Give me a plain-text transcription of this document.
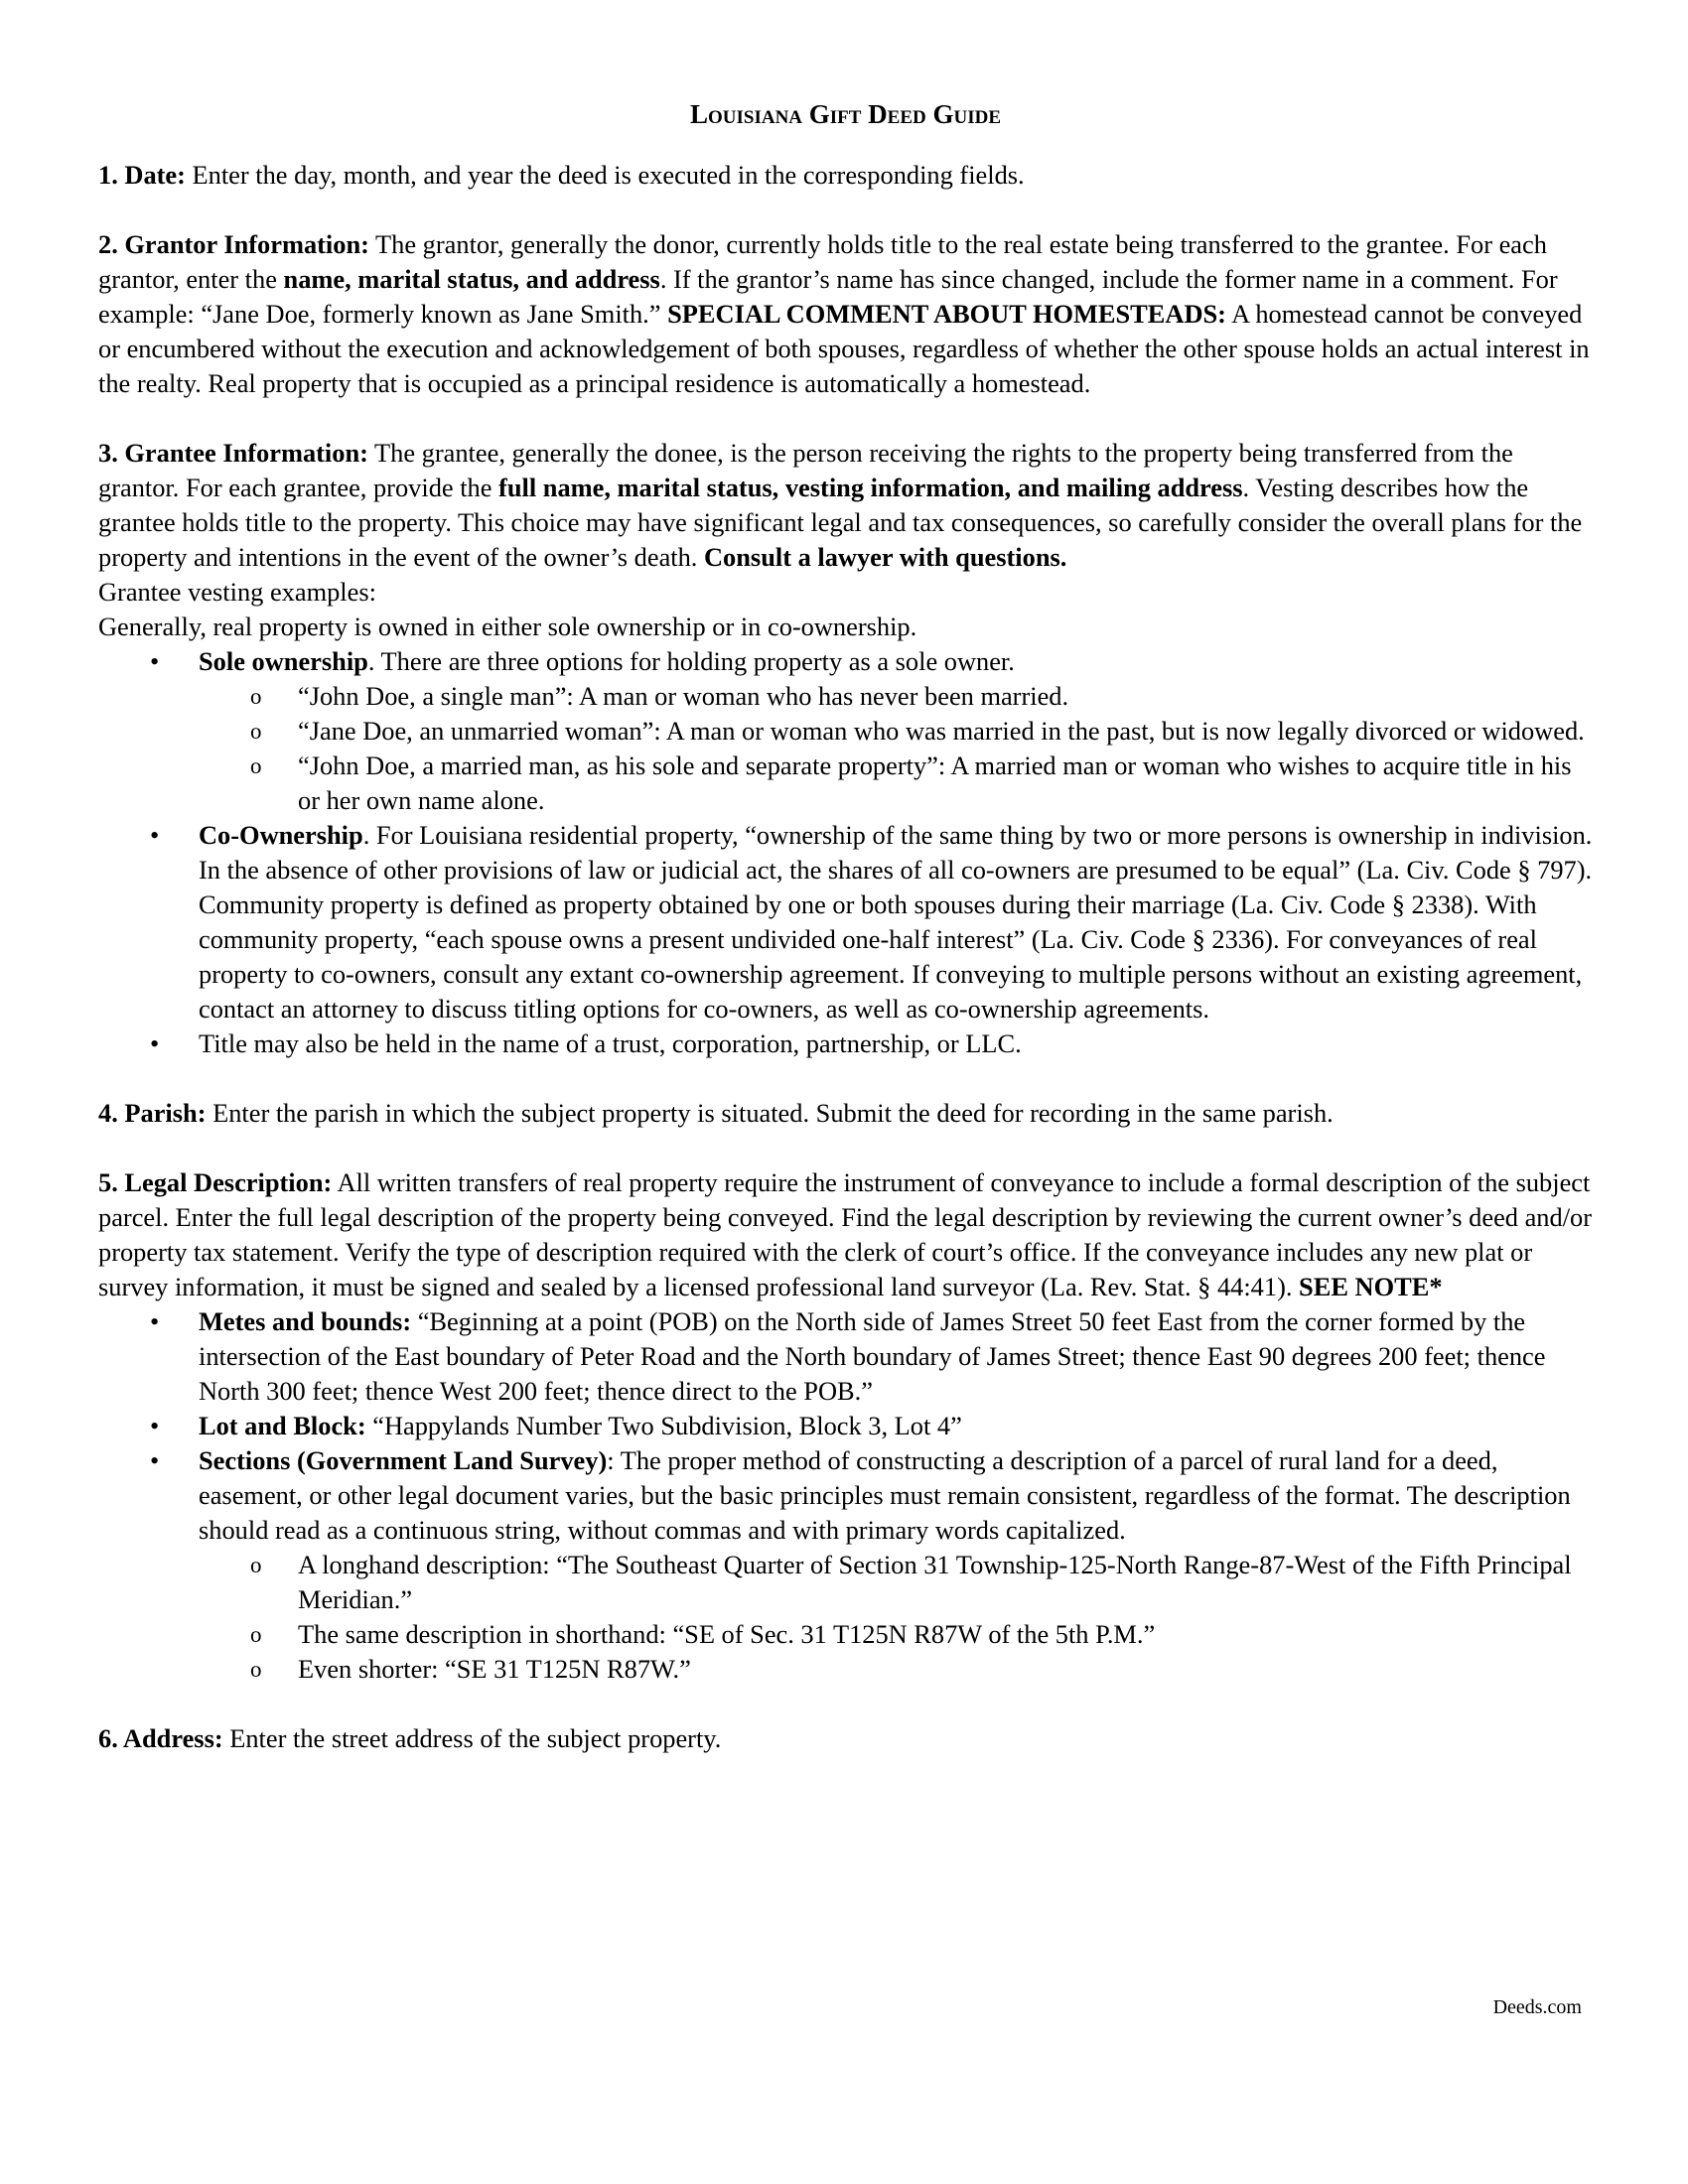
Louisiana Gift Deed Guide

1. Date: Enter the day, month, and year the deed is executed in the corresponding fields.

2. Grantor Information: The grantor, generally the donor, currently holds title to the real estate being transferred to the grantee. For each grantor, enter the name, marital status, and address. If the grantor’s name has since changed, include the former name in a comment. For example: “Jane Doe, formerly known as Jane Smith.” SPECIAL COMMENT ABOUT HOMESTEADS: A homestead cannot be conveyed or encumbered without the execution and acknowledgement of both spouses, regardless of whether the other spouse holds an actual interest in the realty. Real property that is occupied as a principal residence is automatically a homestead.

3. Grantee Information: The grantee, generally the donee, is the person receiving the rights to the property being transferred from the grantor. For each grantee, provide the full name, marital status, vesting information, and mailing address. Vesting describes how the grantee holds title to the property. This choice may have significant legal and tax consequences, so carefully consider the overall plans for the property and intentions in the event of the owner’s death. Consult a lawyer with questions.

Grantee vesting examples:

Generally, real property is owned in either sole ownership or in co-ownership.

• Sole ownership. There are three options for holding property as a sole owner.
o “John Doe, a single man”: A man or woman who has never been married.
o “Jane Doe, an unmarried woman”: A man or woman who was married in the past, but is now legally divorced or widowed.
o “John Doe, a married man, as his sole and separate property”: A married man or woman who wishes to acquire title in his or her own name alone.
• Co-Ownership. For Louisiana residential property, “ownership of the same thing by two or more persons is ownership in indivision. In the absence of other provisions of law or judicial act, the shares of all co-owners are presumed to be equal” (La. Civ. Code § 797). Community property is defined as property obtained by one or both spouses during their marriage (La. Civ. Code § 2338). With community property, “each spouse owns a present undivided one-half interest” (La. Civ. Code § 2336). For conveyances of real property to co-owners, consult any extant co-ownership agreement. If conveying to multiple persons without an existing agreement, contact an attorney to discuss titling options for co-owners, as well as co-ownership agreements.
• Title may also be held in the name of a trust, corporation, partnership, or LLC.

4. Parish: Enter the parish in which the subject property is situated. Submit the deed for recording in the same parish.

5. Legal Description: All written transfers of real property require the instrument of conveyance to include a formal description of the subject parcel. Enter the full legal description of the property being conveyed. Find the legal description by reviewing the current owner’s deed and/or property tax statement. Verify the type of description required with the clerk of court’s office. If the conveyance includes any new plat or survey information, it must be signed and sealed by a licensed professional land surveyor (La. Rev. Stat. § 44:41). SEE NOTE*

• Metes and bounds: “Beginning at a point (POB) on the North side of James Street 50 feet East from the corner formed by the intersection of the East boundary of Peter Road and the North boundary of James Street; thence East 90 degrees 200 feet; thence North 300 feet; thence West 200 feet; thence direct to the POB.”
• Lot and Block: “Happylands Number Two Subdivision, Block 3, Lot 4”
• Sections (Government Land Survey): The proper method of constructing a description of a parcel of rural land for a deed, easement, or other legal document varies, but the basic principles must remain consistent, regardless of the format. The description should read as a continuous string, without commas and with primary words capitalized.
o A longhand description: “The Southeast Quarter of Section 31 Township-125-North Range-87-West of the Fifth Principal Meridian.”
o The same description in shorthand: “SE of Sec. 31 T125N R87W of the 5th P.M.”
o Even shorter: “SE 31 T125N R87W.”

6. Address: Enter the street address of the subject property.

Deeds.com
